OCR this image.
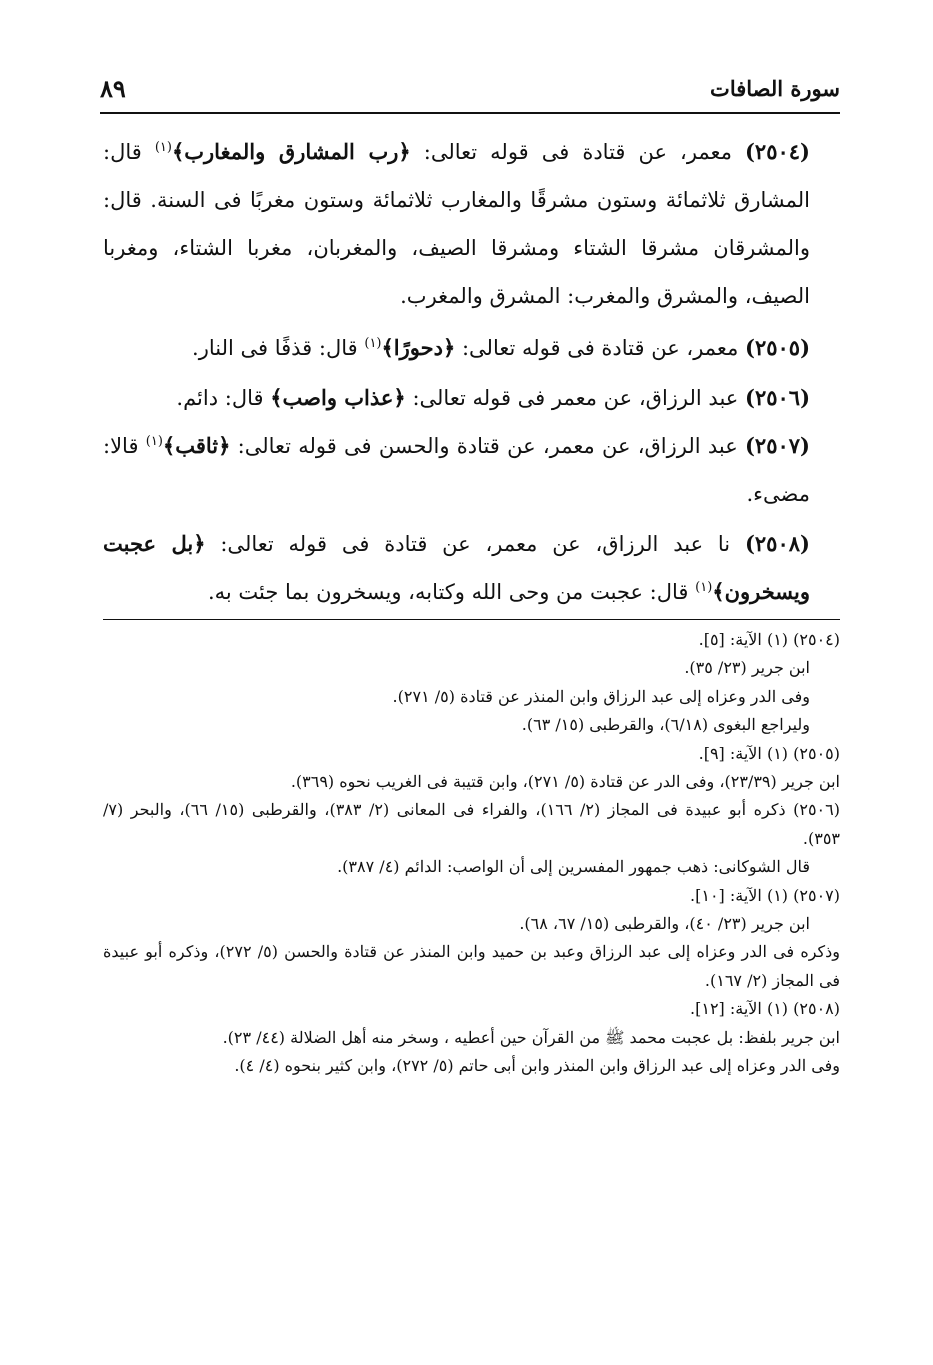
سورة الصافات
٨٩
(٢٥٠٤) معمر، عن قتادة فى قوله تعالى: ﴿رب المشارق والمغارب﴾$^{(١)}$ قال: المشارق ثلاثمائة وستون مشرقًا والمغارب ثلاثمائة وستون مغربًا فى السنة. قال: والمشرقان مشرقا الشتاء ومشرقا الصيف، والمغربان، مغربا الشتاء، ومغربا الصيف، والمشرق والمغرب: المشرق والمغرب.
(٢٥٠٥) معمر، عن قتادة فى قوله تعالى: ﴿دحورًا﴾$^{(١)}$ قال: قذفًا فى النار.
(٢٥٠٦) عبد الرزاق، عن معمر فى قوله تعالى: ﴿عذاب واصب﴾ قال: دائم.
(٢٥٠٧) عبد الرزاق، عن معمر، عن قتادة والحسن فى قوله تعالى: ﴿ثاقب﴾$^{(١)}$ قالا: مضىء.
(٢٥٠٨) نا عبد الرزاق، عن معمر، عن قتادة فى قوله تعالى: ﴿بل عجبت ويسخرون﴾$^{(١)}$ قال: عجبت من وحى الله وكتابه، ويسخرون بما جئت به.
(٢٥٠٤) (١) الآية: [٥].
ابن جرير (٢٣/ ٣٥).
وفى الدر وعزاه إلى عبد الرزاق وابن المنذر عن قتادة (٥/ ٢٧١).
وليراجع البغوى (٦/١٨)، والقرطبى (١٥/ ٦٣).
(٢٥٠٥) (١) الآية: [٩].
ابن جرير (٢٣/٣٩)، وفى الدر عن قتادة (٥/ ٢٧١)، وابن قتيبة فى الغريب نحوه (٣٦٩).
(٢٥٠٦) ذكره أبو عبيدة فى المجاز (٢/ ١٦٦)، والفراء فى المعانى (٢/ ٣٨٣)، والقرطبى (١٥/ ٦٦)، والبحر (٧/ ٣٥٣).
قال الشوكانى: ذهب جمهور المفسرين إلى أن الواصب: الدائم (٤/ ٣٨٧).
(٢٥٠٧) (١) الآية: [١٠].
ابن جرير (٢٣/ ٤٠)، والقرطبى (١٥/ ٦٧، ٦٨).
وذكره فى الدر وعزاه إلى عبد الرزاق وعبد بن حميد وابن المنذر عن قتادة والحسن (٥/ ٢٧٢)، وذكره أبو عبيدة فى المجاز (٢/ ١٦٧).
(٢٥٠٨) (١) الآية: [١٢].
ابن جرير بلفظ: بل عجبت محمد ﷺ من القرآن حين أعطيه ، وسخر منه أهل الضلالة (٤٤/ ٢٣).
وفى الدر وعزاه إلى عبد الرزاق وابن المنذر وابن أبى حاتم (٥/ ٢٧٢)، وابن كثير بنحوه (٤/ ٤).
